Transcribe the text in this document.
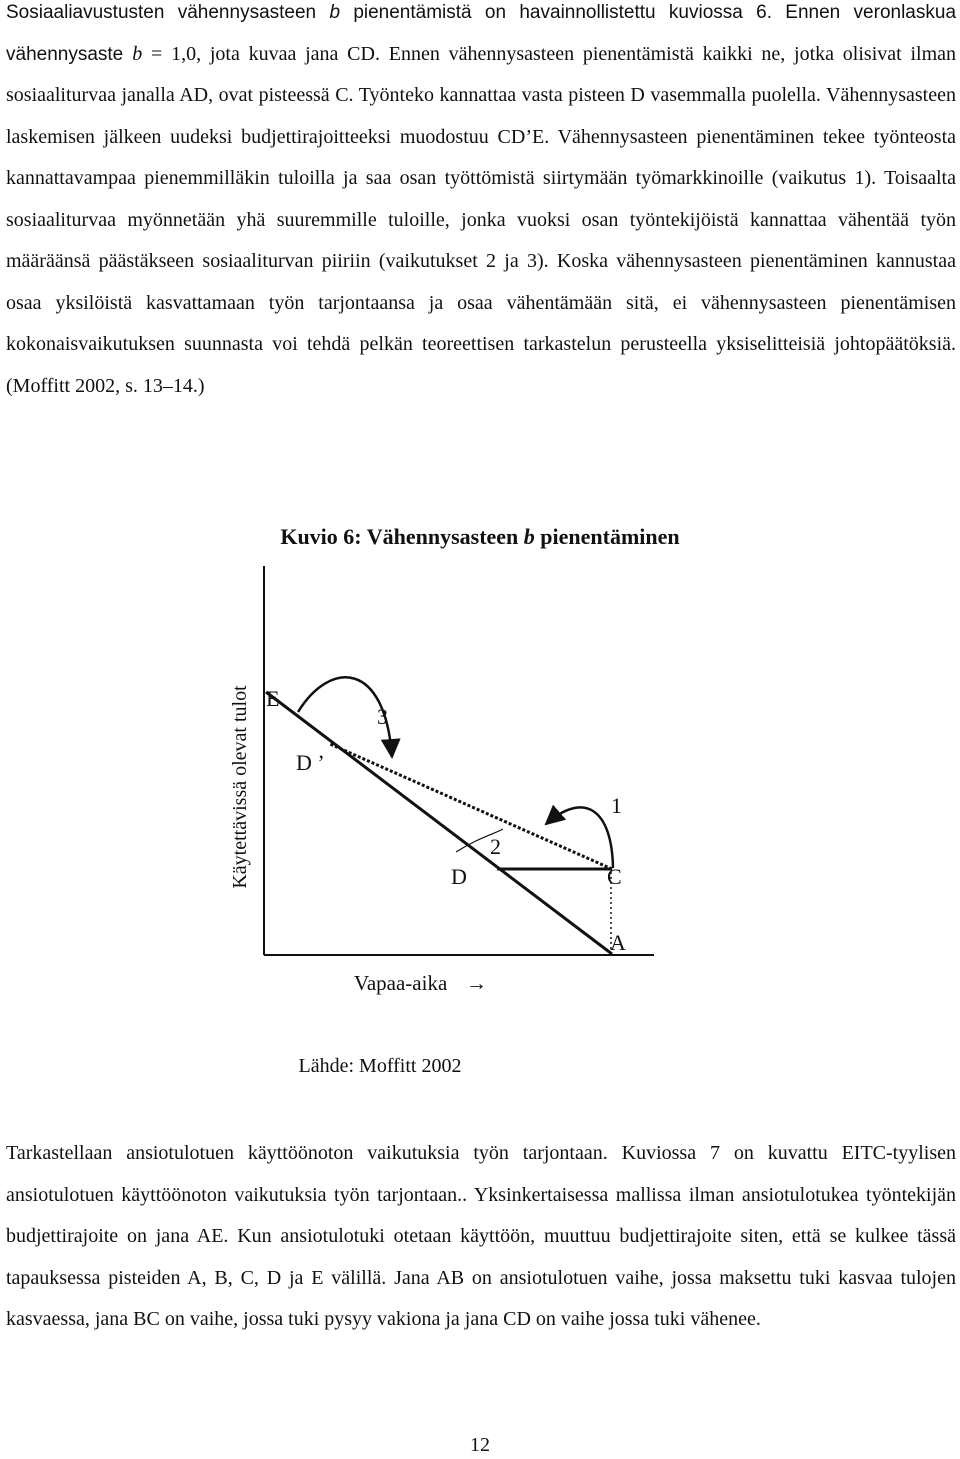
Sosiaaliavustusten vähennysasteen b pienentämistä on havainnollistettu kuviossa 6. Ennen veronlaskua vähennysaste b = 1,0, jota kuvaa jana CD. Ennen vähennysasteen pienentämistä kaikki ne, jotka olisivat ilman sosiaaliturvaa janalla AD, ovat pisteessä C. Työnteko kannattaa vasta pisteen D vasemmalla puolella. Vähennysasteen laskemisen jälkeen uudeksi budjettirajoitteeksi muodostuu CD’E. Vähennysasteen pienentäminen tekee työnteosta kannattavampaa pienemmilläkin tuloilla ja saa osan työttömistä siirtymään työmarkkinoille (vaikutus 1). Toisaalta sosiaaliturvaa myönnetään yhä suuremmille tuloille, jonka vuoksi osan työntekijöistä kannattaa vähentää työn määräänsä päästäkseen sosiaaliturvan piiriin (vaikutukset 2 ja 3). Koska vähennysasteen pienentäminen kannustaa osaa yksilöistä kasvattamaan työn tarjontaansa ja osaa vähentämään sitä, ei vähennysasteen pienentämisen kokonaisvaikutuksen suunnasta voi tehdä pelkän teoreettisen tarkastelun perusteella yksiselitteisiä johtopäätöksiä. (Moffitt 2002, s. 13–14.)
Kuvio 6: Vähennysasteen b pienentäminen
Käytettävissä olevat tulot E
D ’
D	C
A
3
1
2
Vapaa-aika →
Lähde: Moffitt 2002
Tarkastellaan ansiotulotuen käyttöönoton vaikutuksia työn tarjontaan. Kuviossa 7 on kuvattu EITC-tyylisen ansiotulotuen käyttöönoton vaikutuksia työn tarjontaan.. Yksinkertaisessa mallissa ilman ansiotulotukea työntekijän budjettirajoite on jana AE. Kun ansiotulotuki otetaan käyttöön, muuttuu budjettirajoite siten, että se kulkee tässä tapauksessa pisteiden A, B, C, D ja E välillä. Jana AB on ansiotulotuen vaihe, jossa maksettu tuki kasvaa tulojen kasvaessa, jana BC on vaihe, jossa tuki pysyy vakiona ja jana CD on vaihe jossa tuki vähenee.
12
